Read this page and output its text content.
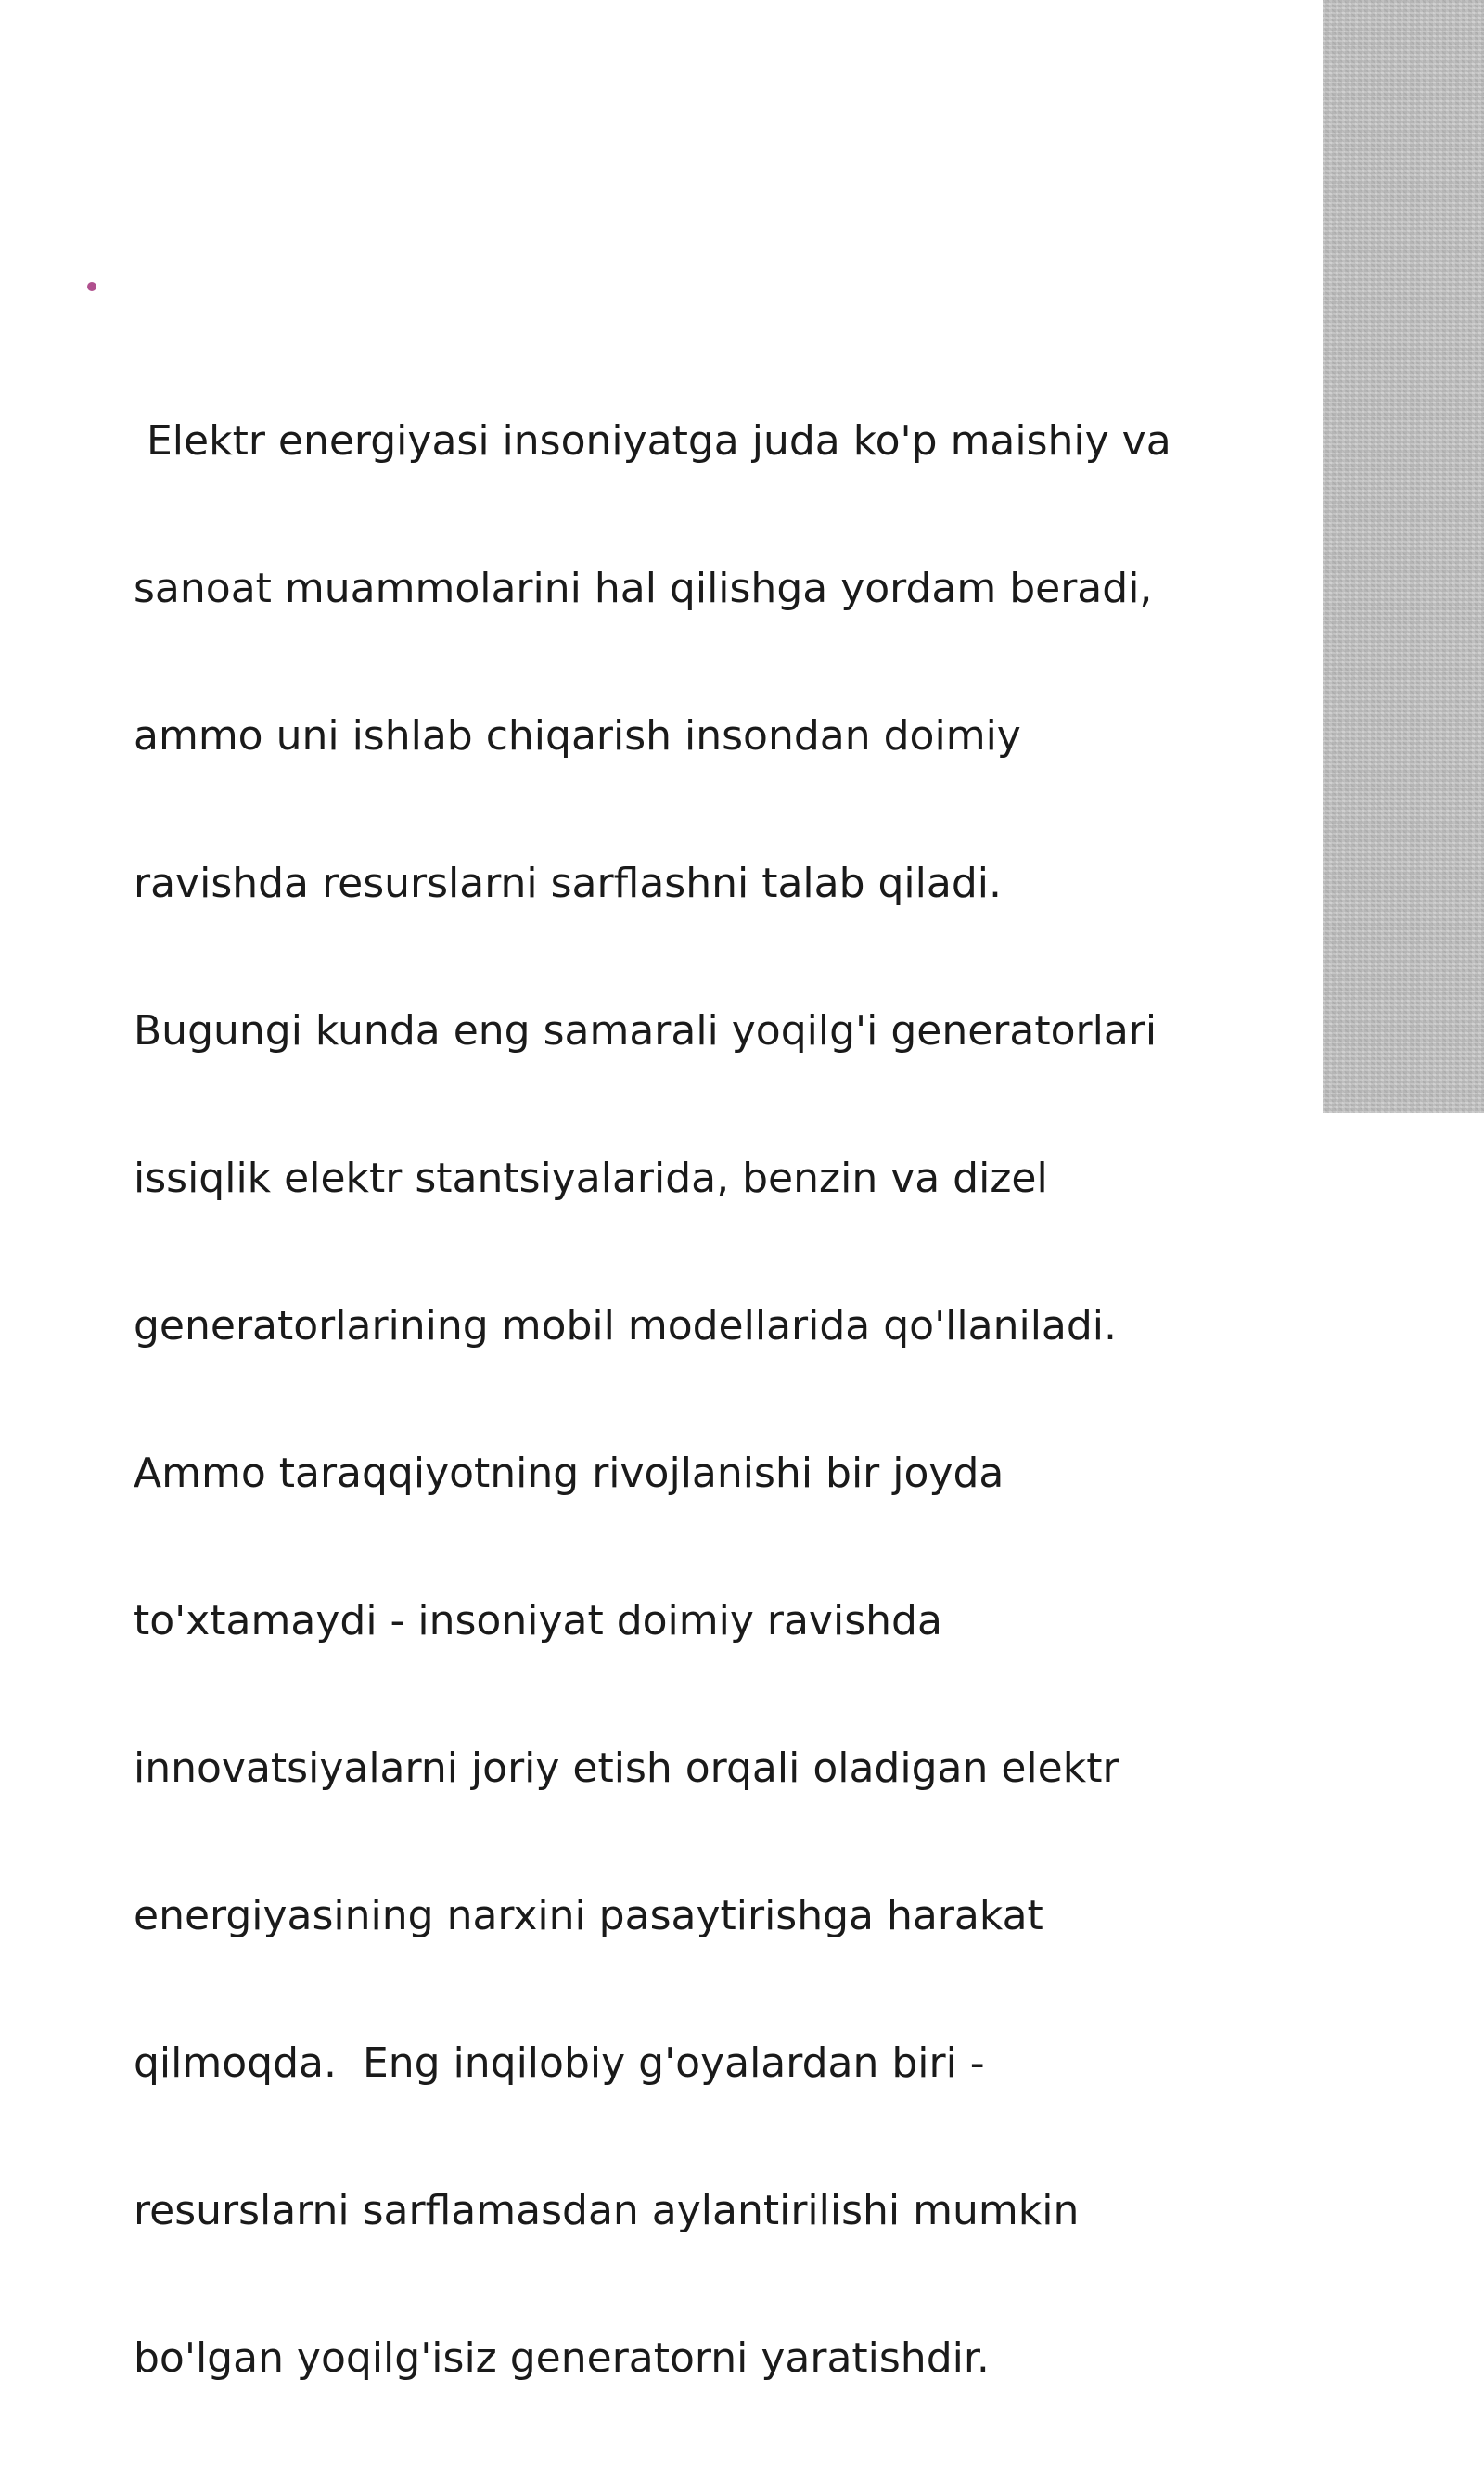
Elektr energiyasi insoniyatga juda ko'p maishiy va

sanoat muammolarini hal qilishga yordam beradi,

ammo uni ishlab chiqarish insondan doimiy

ravishda resurslarni sarflashni talab qiladi.

Bugungi kunda eng samarali yoqilg'i generatorlari

issiqlik elektr stantsiyalarida, benzin va dizel

generatorlarining mobil modellarida qo'llaniladi.

Ammo taraqqiyotning rivojlanishi bir joyda

to'xtamaydi - insoniyat doimiy ravishda

innovatsiyalarni joriy etish orqali oladigan elektr

energiyasining narxini pasaytirishga harakat

qilmoqda.  Eng inqilobiy g'oyalardan biri -

resurslarni sarflamasdan aylantirilishi mumkin

bo'lgan yoqilg'isiz generatorni yaratishdir.
